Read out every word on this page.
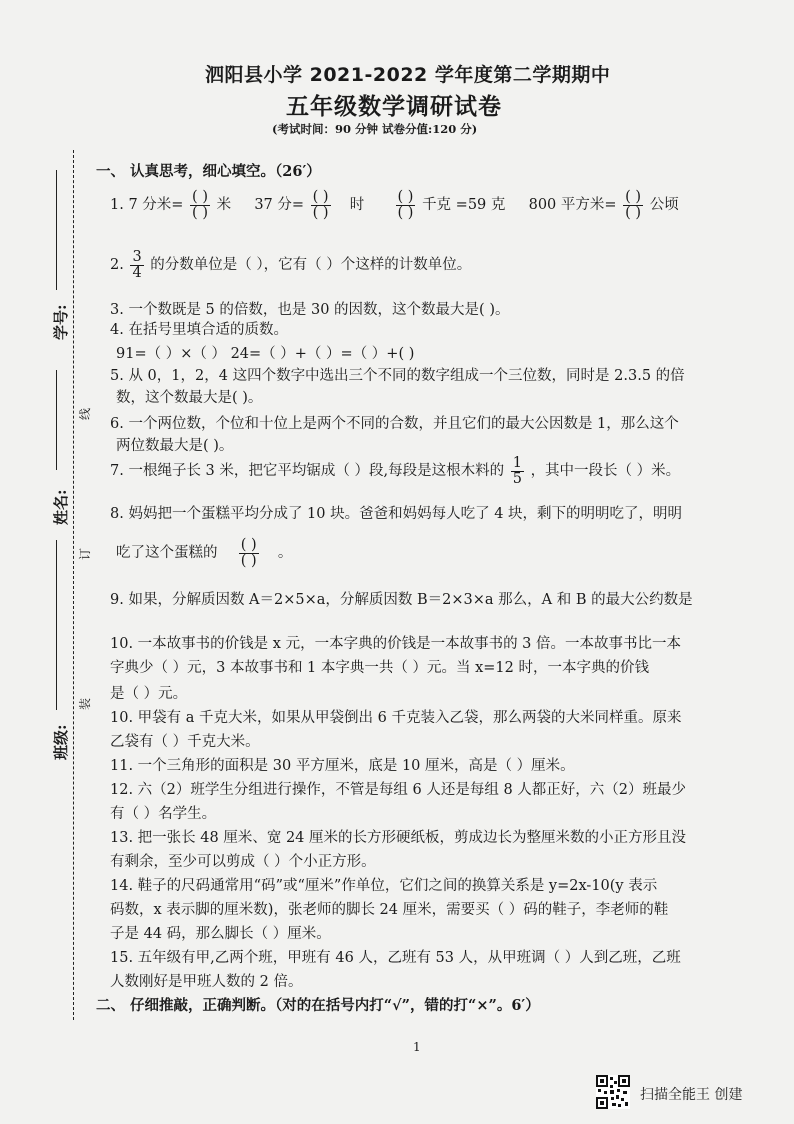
学号:
姓名:
班级:
线
订
装
泗阳县小学 2021-2022 学年度第二学期期中
五年级数学调研试卷
(考试时间：90 分钟 试卷分值:120 分)
一、 认真思考，细心填空。（26′）
1. 7 分米= $\frac{( )}{( )}$ 米 37 分= $\frac{( )}{( )}$ 时 $\frac{( )}{( )}$ 千克 =59 克 800 平方米= $\frac{( )}{( )}$ 公顷
2. $\frac{3}{4}$ 的分数单位是（ ），它有（ ）个这样的计数单位。
3. 一个数既是 5 的倍数，也是 30 的因数，这个数最大是( )。
4. 在括号里填合适的质数。
91=（ ）×（ ） 24=（ ）+（ ）=（ ）+( )
5. 从 0，1，2，4 这四个数字中选出三个不同的数字组成一个三位数，同时是 2.3.5 的倍
数，这个数最大是( )。
6. 一个两位数，个位和十位上是两个不同的合数，并且它们的最大公因数是 1，那么这个
两位数最大是( )。
7. 一根绳子长 3 米，把它平均锯成（ ）段,每段是这根木料的 $\frac{1}{5}$ ，其中一段长（ ）米。
8. 妈妈把一个蛋糕平均分成了 10 块。爸爸和妈妈每人吃了 4 块，剩下的明明吃了，明明
吃了这个蛋糕的 $\frac{( )}{( )}$ 。
9. 如果，分解质因数 A＝2×5×a，分解质因数 B＝2×3×a 那么，A 和 B 的最大公约数是
10. 一本故事书的价钱是 x 元，一本字典的价钱是一本故事书的 3 倍。一本故事书比一本
字典少（ ）元，3 本故事书和 1 本字典一共（ ）元。当 x=12 时，一本字典的价钱
是（ ）元。
10. 甲袋有 a 千克大米，如果从甲袋倒出 6 千克装入乙袋，那么两袋的大米同样重。原来
乙袋有（ ）千克大米。
11. 一个三角形的面积是 30 平方厘米，底是 10 厘米，高是（ ）厘米。
12. 六（2）班学生分组进行操作，不管是每组 6 人还是每组 8 人都正好，六（2）班最少
有（ ）名学生。
13. 把一张长 48 厘米、宽 24 厘米的长方形硬纸板，剪成边长为整厘米数的小正方形且没
有剩余，至少可以剪成（ ）个小正方形。
14. 鞋子的尺码通常用“码”或“厘米”作单位，它们之间的换算关系是 y=2x-10(y 表示
码数，x 表示脚的厘米数)，张老师的脚长 24 厘米，需要买（ ）码的鞋子，李老师的鞋
子是 44 码，那么脚长（ ）厘米。
15. 五年级有甲,乙两个班，甲班有 46 人，乙班有 53 人，从甲班调（ ）人到乙班，乙班
人数刚好是甲班人数的 2 倍。
二、 仔细推敲，正确判断。（对的在括号内打“√”，错的打“×”。6′）
1
扫描全能王 创建
